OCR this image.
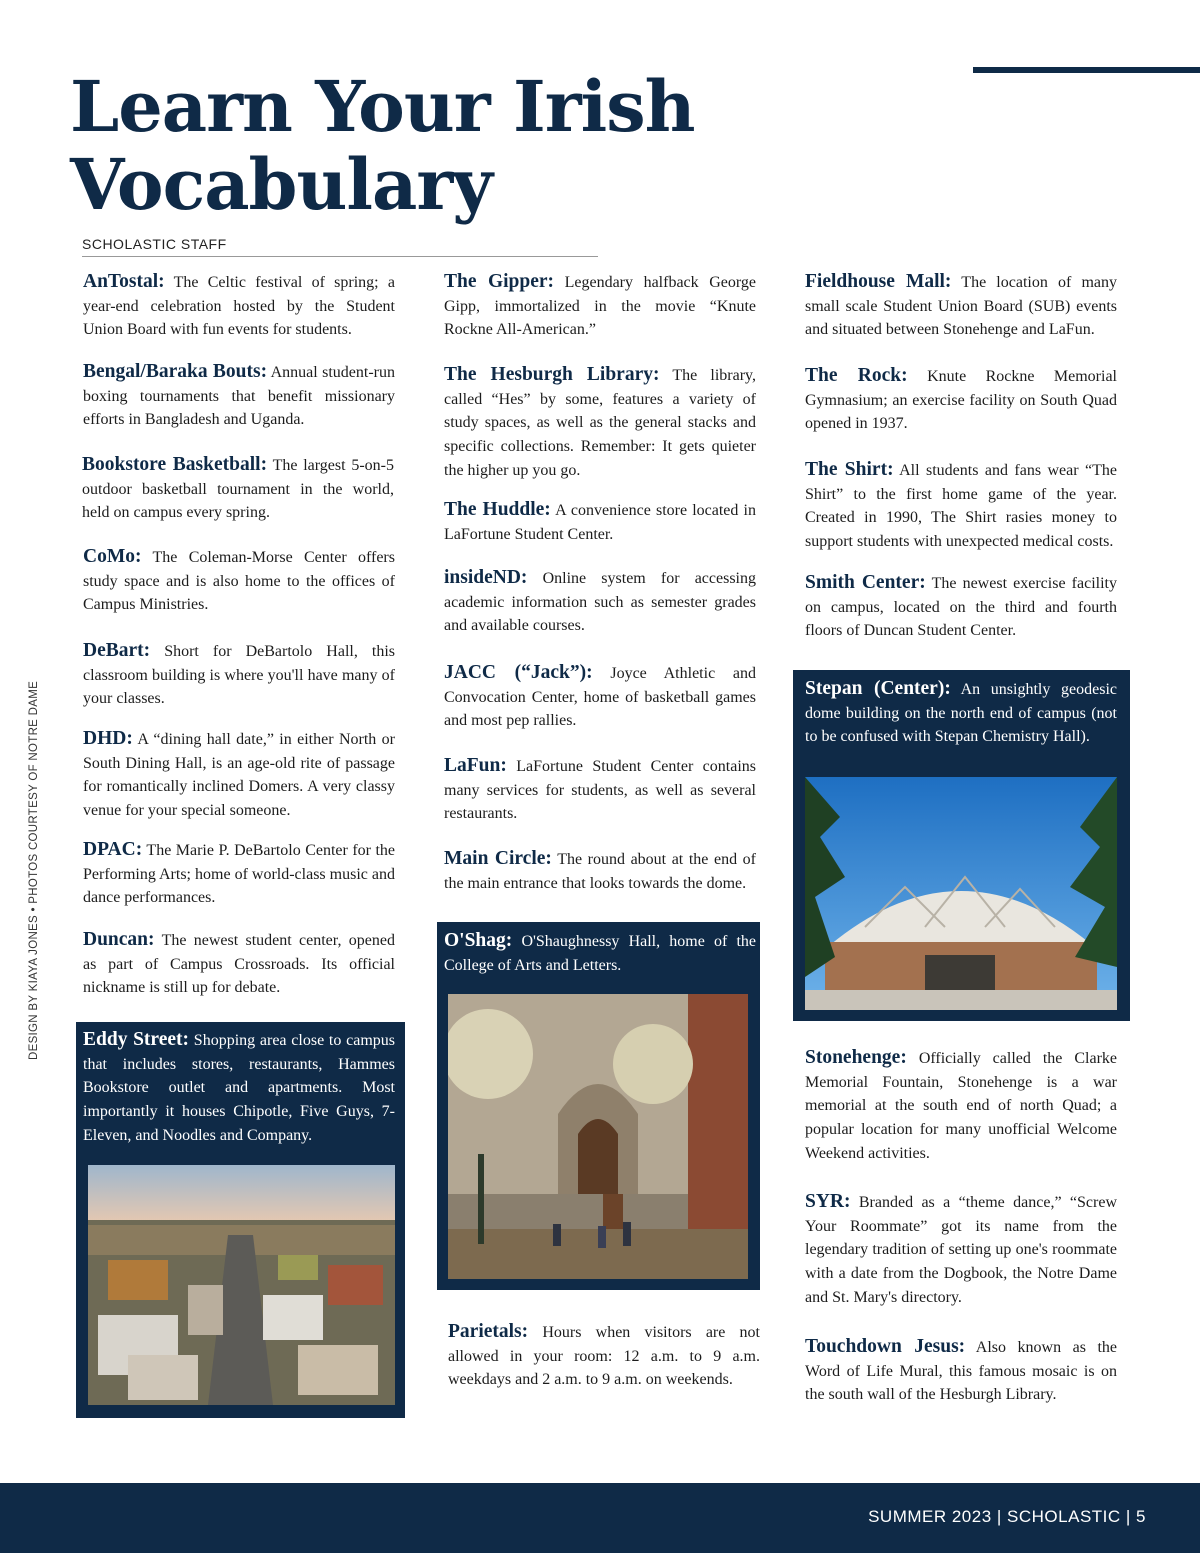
Learn Your Irish
Vocabulary
SCHOLASTIC STAFF
DESIGN BY KIAYA JONES • PHOTOS COURTESY OF NOTRE DAME
AnTostal: The Celtic festival of spring; a year-end celebration hosted by the Student Union Board with fun events for students.
Bengal/Baraka Bouts: Annual student-run boxing tournaments that benefit missionary efforts in Bangladesh and Uganda.
Bookstore Basketball: The largest 5-on-5 outdoor basketball tournament in the world, held on campus every spring.
CoMo: The Coleman-Morse Center offers study space and is also home to the offices of Campus Ministries.
DeBart: Short for DeBartolo Hall, this classroom building is where you'll have many of your classes.
DHD: A “dining hall date,” in either North or South Dining Hall, is an age-old rite of passage for romantically inclined Domers. A very classy venue for your special someone.
DPAC: The Marie P. DeBartolo Center for the Performing Arts; home of world-class music and dance performances.
Duncan: The newest student center, opened as part of Campus Crossroads. Its official nickname is still up for debate.
Eddy Street: Shopping area close to campus that includes stores, restaurants, Hammes Bookstore outlet and apartments. Most importantly it houses Chipotle, Five Guys, 7-Eleven, and Noodles and Company.
The Gipper: Legendary halfback George Gipp, immortalized in the movie “Knute Rockne All-American.”
The Hesburgh Library: The library, called “Hes” by some, features a variety of study spaces, as well as the general stacks and specific collections. Remember: It gets quieter the higher up you go.
The Huddle: A convenience store located in LaFortune Student Center.
insideND: Online system for accessing academic information such as semester grades and available courses.
JACC (“Jack”): Joyce Athletic and Convocation Center, home of basketball games and most pep rallies.
LaFun: LaFortune Student Center contains many services for students, as well as several restaurants.
Main Circle: The round about at the end of the main entrance that looks towards the dome.
O'Shag: O'Shaughnessy Hall, home of the College of Arts and Letters.
Parietals: Hours when visitors are not allowed in your room: 12 a.m. to 9 a.m. weekdays and 2 a.m. to 9 a.m. on weekends.
Fieldhouse Mall: The location of many small scale Student Union Board (SUB) events and situated between Stonehenge and LaFun.
The Rock: Knute Rockne Memorial Gymnasium; an exercise facility on South Quad opened in 1937.
The Shirt: All students and fans wear “The Shirt” to the first home game of the year. Created in 1990, The Shirt rasies money to support students with unexpected medical costs.
Smith Center: The newest exercise facility on campus, located on the third and fourth floors of Duncan Student Center.
Stepan (Center): An unsightly geodesic dome building on the north end of campus (not to be confused with Stepan Chemistry Hall).
Stonehenge: Officially called the Clarke Memorial Fountain, Stonehenge is a war memorial at the south end of north Quad; a popular location for many unofficial Welcome Weekend activities.
SYR: Branded as a “theme dance,” “Screw Your Roommate” got its name from the legendary tradition of setting up one's roommate with a date from the Dogbook, the Notre Dame and St. Mary's directory.
Touchdown Jesus: Also known as the Word of Life Mural, this famous mosaic is on the south wall of the Hesburgh Library.
SUMMER 2023 | SCHOLASTIC | 5
